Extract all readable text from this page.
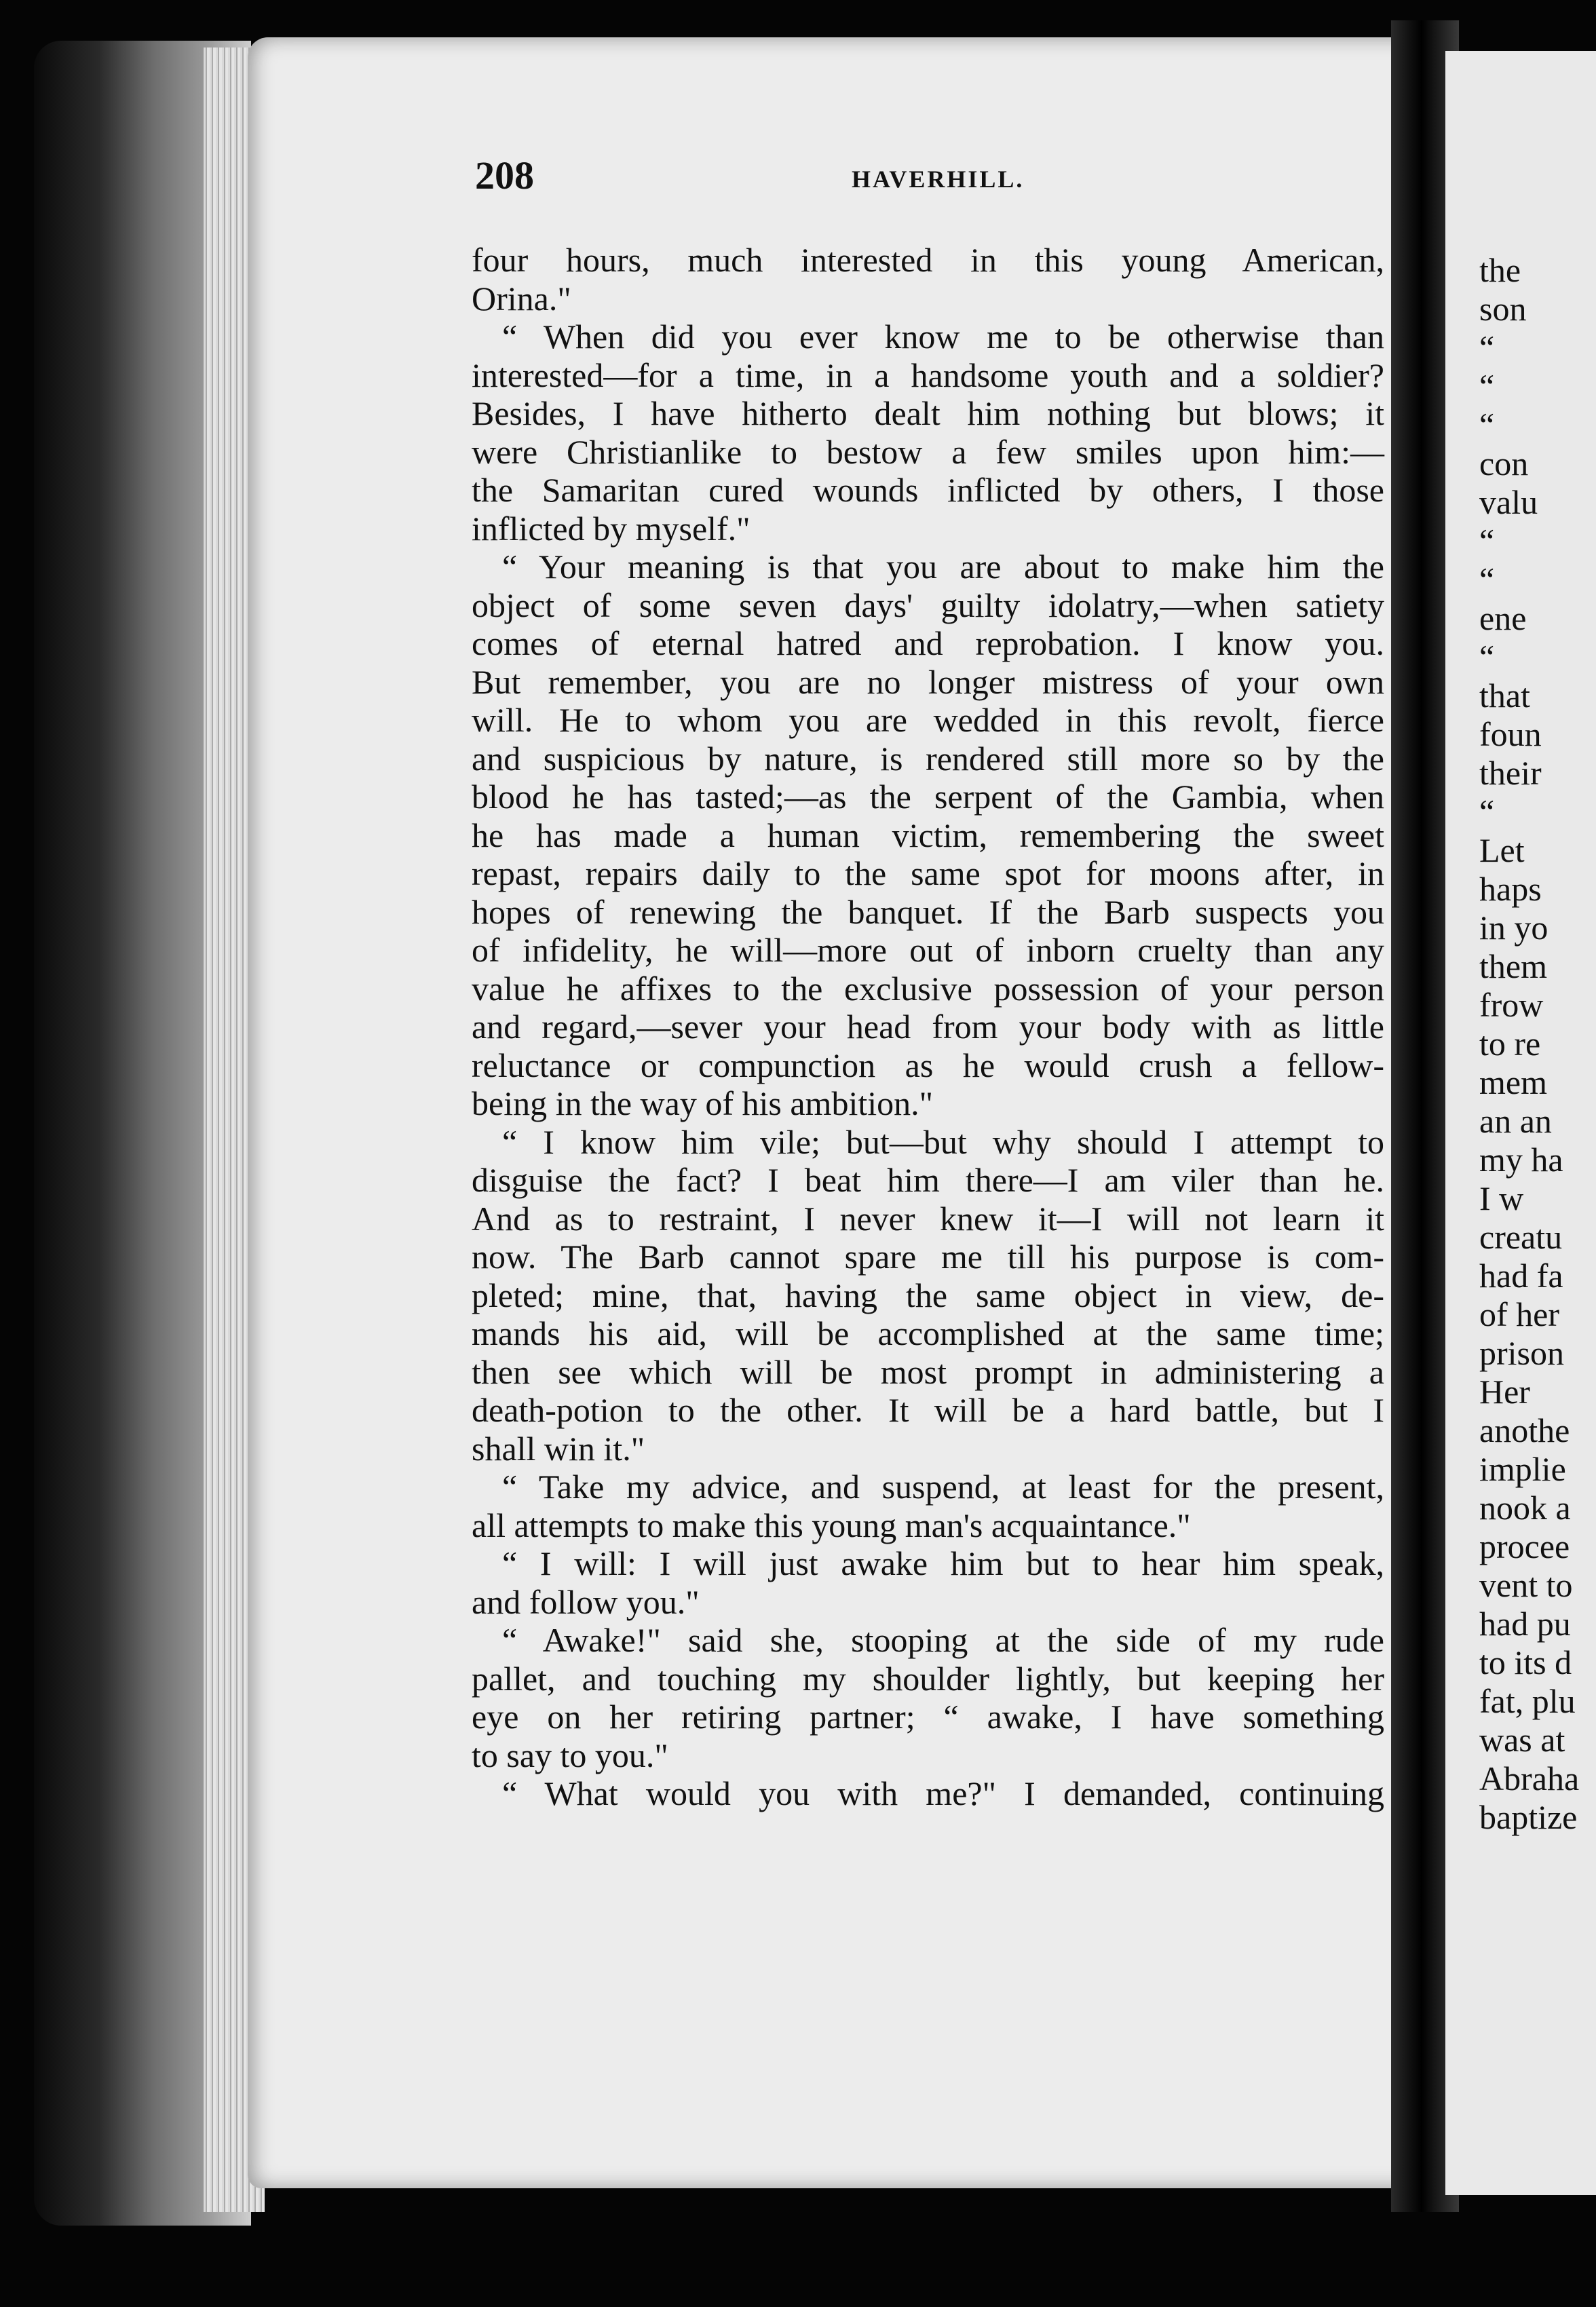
208	HAVERHILL.
four hours, much interested in this young American,
Orina."
“ When did you ever know me to be otherwise than
interested—for a time, in a handsome youth and a soldier?
Besides, I have hitherto dealt him nothing but blows; it
were Christianlike to bestow a few smiles upon him:—
the Samaritan cured wounds inflicted by others, I those
inflicted by myself."
“ Your meaning is that you are about to make him the
object of some seven days' guilty idolatry,—when satiety
comes of eternal hatred and reprobation. I know you.
But remember, you are no longer mistress of your own
will. He to whom you are wedded in this revolt, fierce
and suspicious by nature, is rendered still more so by the
blood he has tasted;—as the serpent of the Gambia, when
he has made a human victim, remembering the sweet
repast, repairs daily to the same spot for moons after, in
hopes of renewing the banquet. If the Barb suspects you
of infidelity, he will—more out of inborn cruelty than any
value he affixes to the exclusive possession of your person
and regard,—sever your head from your body with as little
reluctance or compunction as he would crush a fellow-
being in the way of his ambition."
“ I know him vile; but—but why should I attempt to
disguise the fact? I beat him there—I am viler than he.
And as to restraint, I never knew it—I will not learn it
now. The Barb cannot spare me till his purpose is com-
pleted; mine, that, having the same object in view, de-
mands his aid, will be accomplished at the same time;
then see which will be most prompt in administering a
death-potion to the other. It will be a hard battle, but I
shall win it."
“ Take my advice, and suspend, at least for the present,
all attempts to make this young man's acquaintance."
“ I will: I will just awake him but to hear him speak,
and follow you."
“ Awake!" said she, stooping at the side of my rude
pallet, and touching my shoulder lightly, but keeping her
eye on her retiring partner; “ awake, I have something
to say to you."
“ What would you with me?" I demanded, continuing
the
son
“
“
“
con
valu
“
“
ene
“
that
foun
their
“
Let
haps
in yo
them
frow
to re
mem
an an
my ha
I w
creatu
had fa
of her
prison
Her
anothe
implie
nook a
procee
vent to
had pu
to its d
fat, plu
was at
Abraha
baptize
